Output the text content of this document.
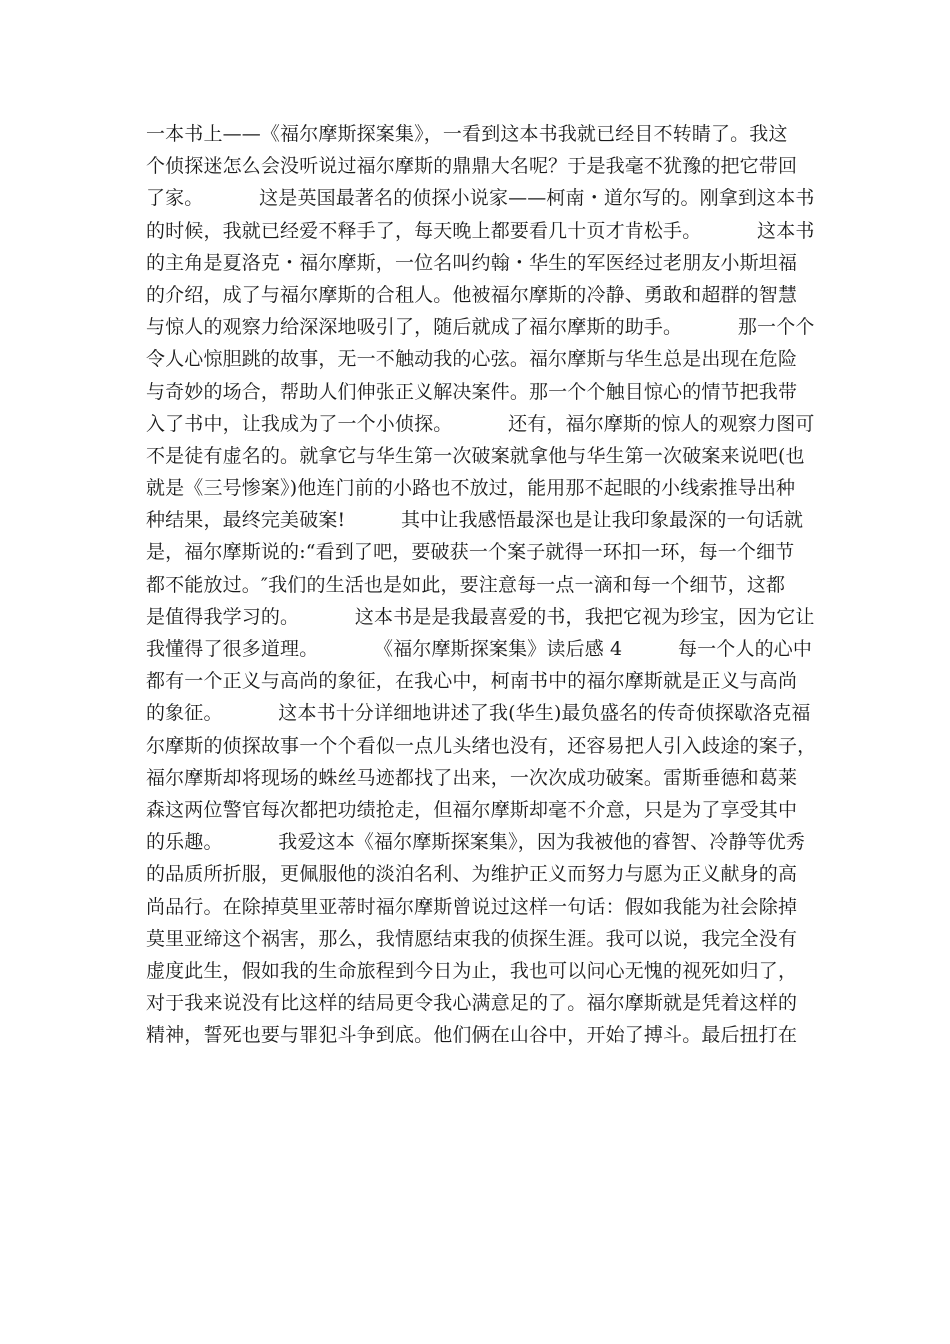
一本书上——《福尔摩斯探案集》，一看到这本书我就已经目不转睛了。我这
个侦探迷怎么会没听说过福尔摩斯的鼎鼎大名呢？于是我毫不犹豫的把它带回
了家。         这是英国最著名的侦探小说家——柯南・道尔写的。刚拿到这本书
的时候，我就已经爱不释手了，每天晚上都要看几十页才肯松手。         这本书
的主角是夏洛克・福尔摩斯，一位名叫约翰・华生的军医经过老朋友小斯坦福
的介绍，成了与福尔摩斯的合租人。他被福尔摩斯的冷静、勇敢和超群的智慧
与惊人的观察力给深深地吸引了，随后就成了福尔摩斯的助手。         那一个个
令人心惊胆跳的故事，无一不触动我的心弦。福尔摩斯与华生总是出现在危险
与奇妙的场合，帮助人们伸张正义解决案件。那一个个触目惊心的情节把我带
入了书中，让我成为了一个小侦探。         还有，福尔摩斯的惊人的观察力图可
不是徒有虚名的。就拿它与华生第一次破案就拿他与华生第一次破案来说吧(也
就是《三号惨案》)他连门前的小路也不放过，能用那不起眼的小线索推导出种
种结果，最终完美破案!         其中让我感悟最深也是让我印象最深的一句话就
是，福尔摩斯说的:“看到了吧，要破获一个案子就得一环扣一环，每一个细节
都不能放过。″我们的生活也是如此，要注意每一点一滴和每一个细节，这都
是值得我学习的。         这本书是是我最喜爱的书，我把它视为珍宝，因为它让
我懂得了很多道理。         《福尔摩斯探案集》读后感 4         每一个人的心中
都有一个正义与高尚的象征，在我心中，柯南书中的福尔摩斯就是正义与高尚
的象征。         这本书十分详细地讲述了我(华生)最负盛名的传奇侦探歇洛克福
尔摩斯的侦探故事一个个看似一点儿头绪也没有，还容易把人引入歧途的案子，
福尔摩斯却将现场的蛛丝马迹都找了出来，一次次成功破案。雷斯垂德和葛莱
森这两位警官每次都把功绩抢走，但福尔摩斯却毫不介意，只是为了享受其中
的乐趣。         我爱这本《福尔摩斯探案集》，因为我被他的睿智、冷静等优秀
的品质所折服，更佩服他的淡泊名利、为维护正义而努力与愿为正义献身的高
尚品行。在除掉莫里亚蒂时福尔摩斯曾说过这样一句话：假如我能为社会除掉
莫里亚缔这个祸害，那么，我情愿结束我的侦探生涯。我可以说，我完全没有
虚度此生，假如我的生命旅程到今日为止，我也可以问心无愧的视死如归了，
对于我来说没有比这样的结局更令我心满意足的了。福尔摩斯就是凭着这样的
精神，誓死也要与罪犯斗争到底。他们俩在山谷中，开始了搏斗。最后扭打在
